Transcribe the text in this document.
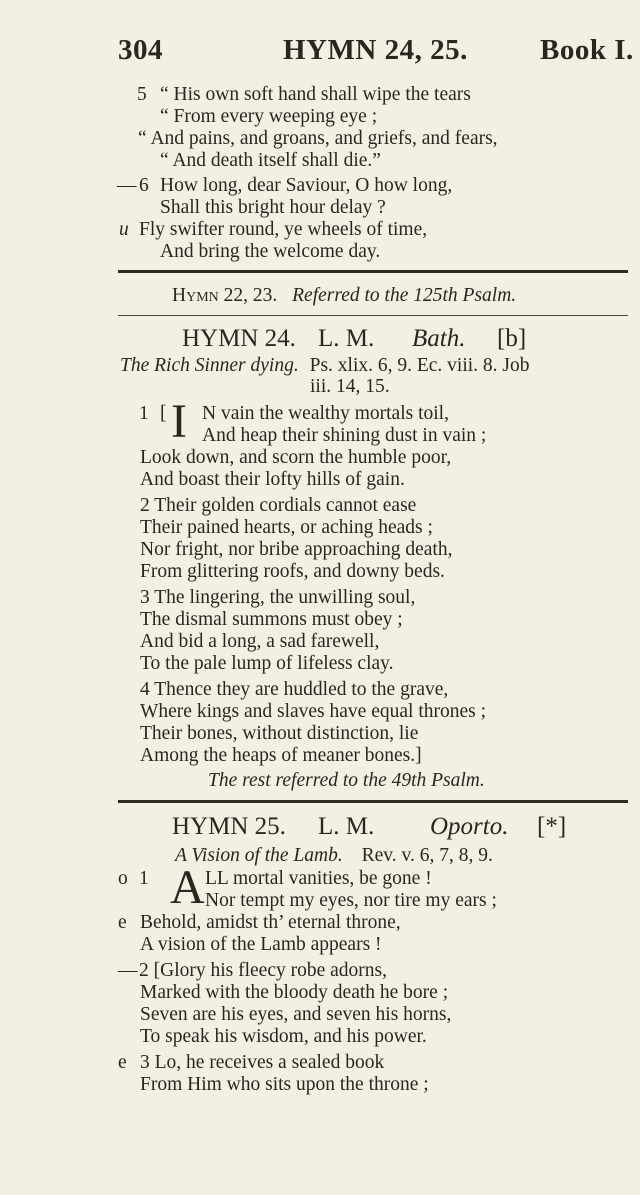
304	HYMN 24, 25. Book I.
5 “ His own soft hand shall wipe the tears
“ From every weeping eye ;
“ And pains, and groans, and griefs, and fears,
“ And death itself shall die.”
— 6 How long, dear Saviour, O how long,
Shall this bright hour delay ?
u Fly swifter round, ye wheels of time,
And bring the welcome day.
Hymn 22, 23. Referred to the 125th Psalm.
HYMN 24. L. M. Bath. [b]
The Rich Sinner dying. Ps. xlix. 6, 9. Ec. viii. 8. Job
iii. 14, 15.
1 [ I N vain the wealthy mortals toil,
And heap their shining dust in vain ;
Look down, and scorn the humble poor,
And boast their lofty hills of gain.
2 Their golden cordials cannot ease
Their pained hearts, or aching heads ;
Nor fright, nor bribe approaching death,
From glittering roofs, and downy beds.
3 The lingering, the unwilling soul,
The dismal summons must obey ;
And bid a long, a sad farewell,
To the pale lump of lifeless clay.
4 Thence they are huddled to the grave,
Where kings and slaves have equal thrones ;
Their bones, without distinction, lie
Among the heaps of meaner bones.]
The rest referred to the 49th Psalm.
HYMN 25. L. M. Oporto. [*]
A Vision of the Lamb. Rev. v. 6, 7, 8, 9.
o 1 A LL mortal vanities, be gone !
Nor tempt my eyes, nor tire my ears ;
e Behold, amidst th’ eternal throne,
A vision of the Lamb appears !
— 2 [Glory his fleecy robe adorns,
Marked with the bloody death he bore ;
Seven are his eyes, and seven his horns,
To speak his wisdom, and his power.
e 3 Lo, he receives a sealed book
From Him who sits upon the throne ;
